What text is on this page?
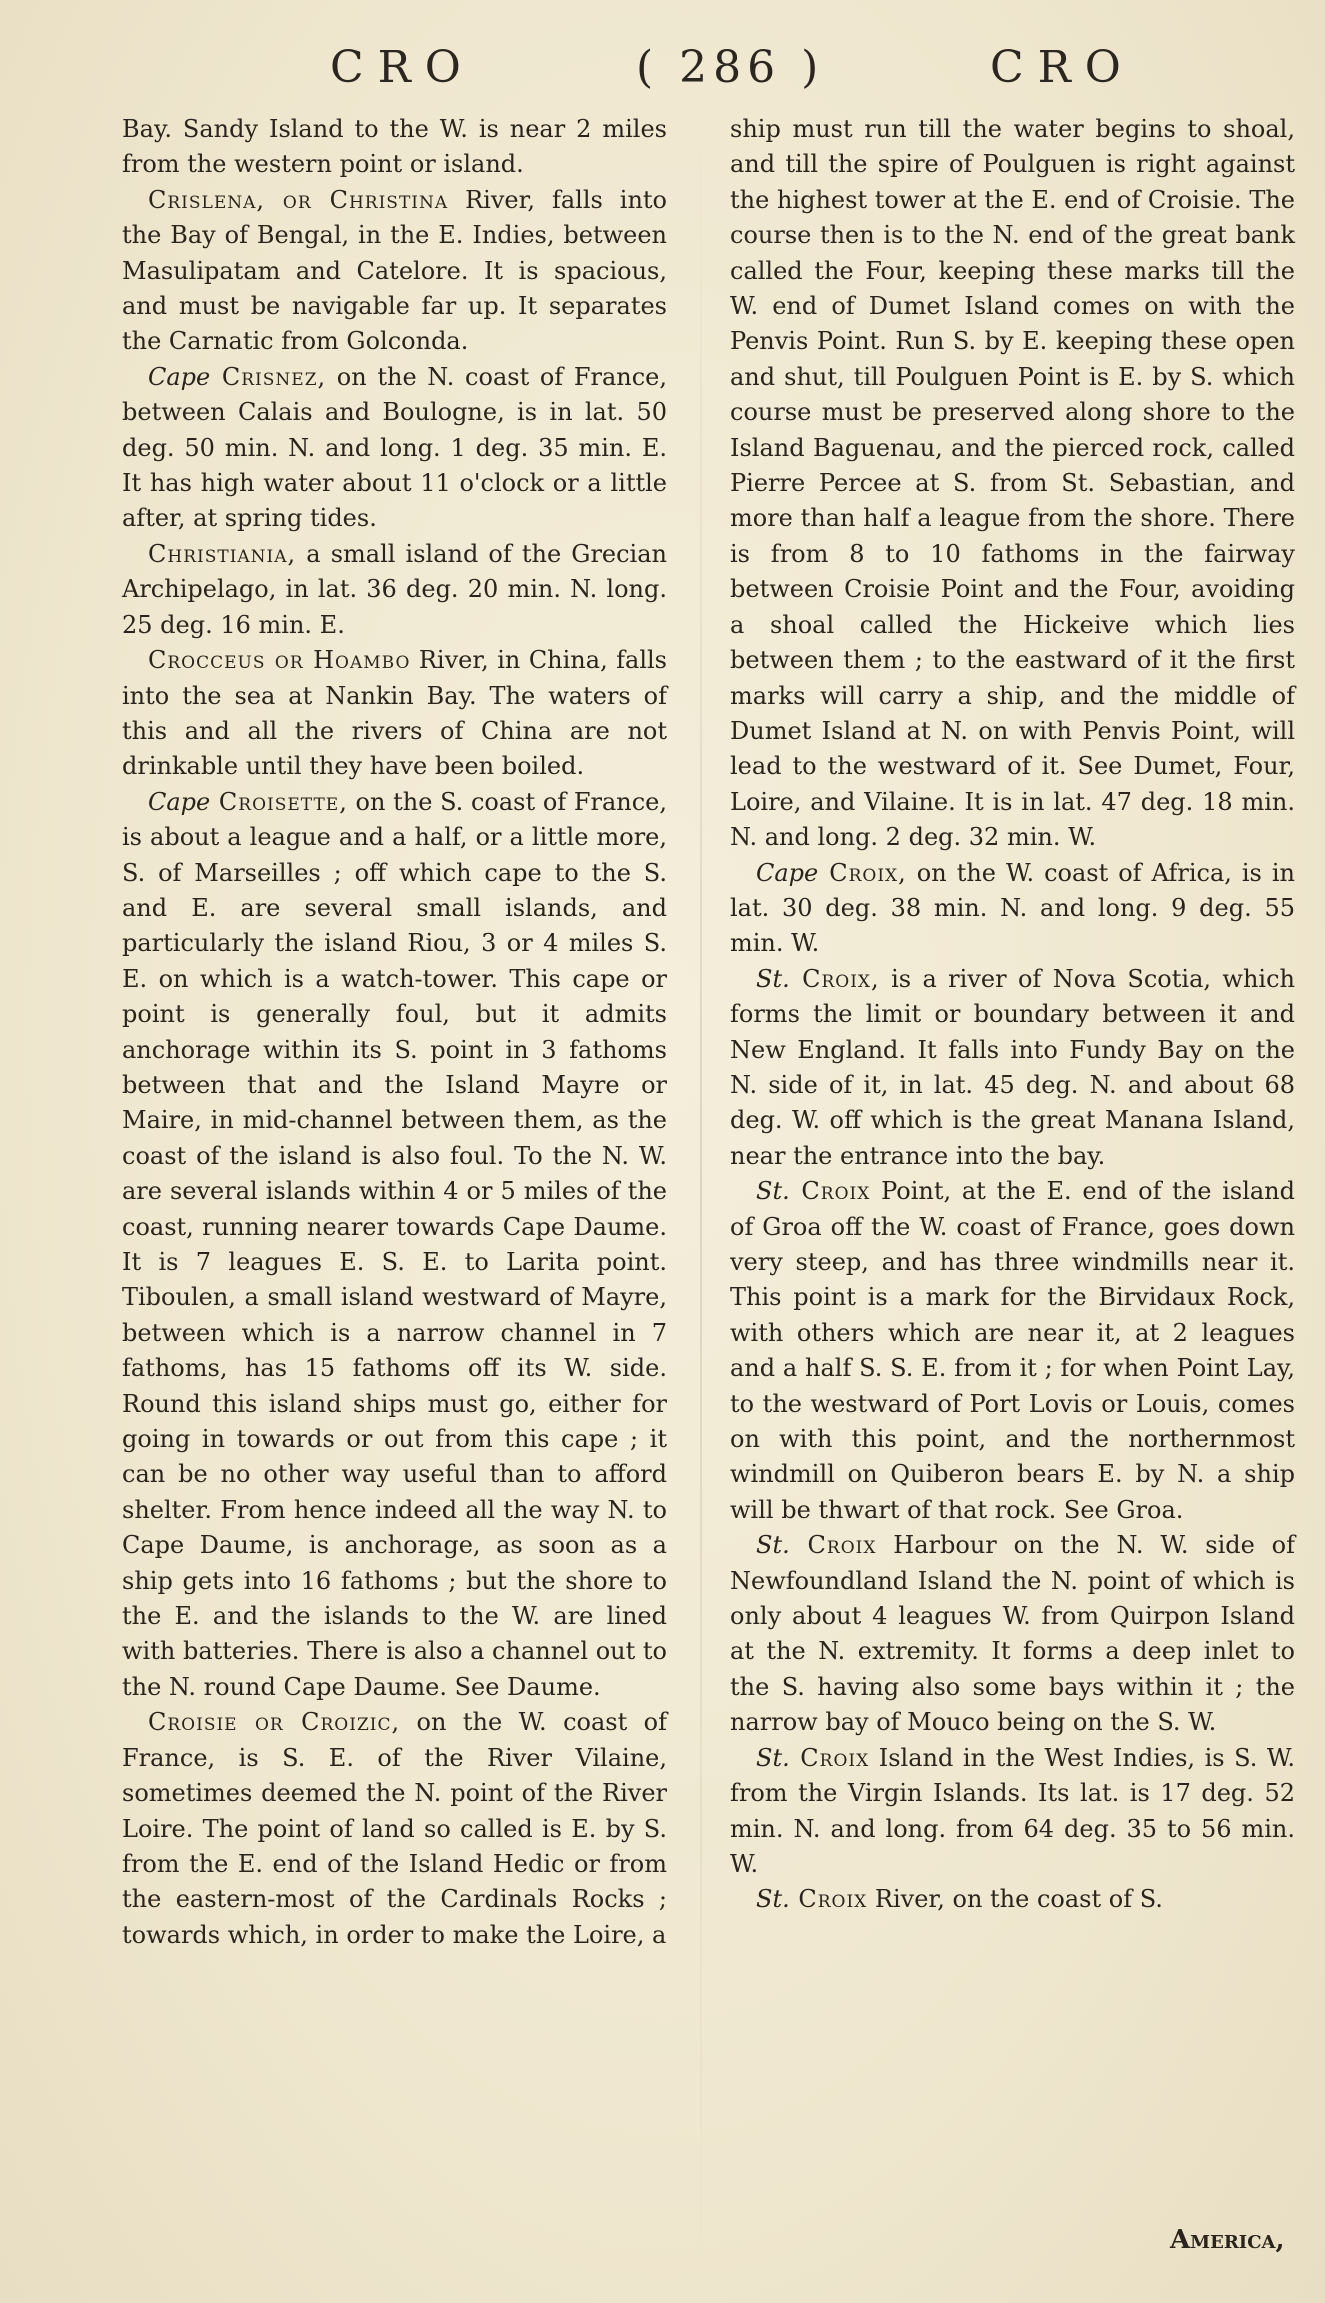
CRO	( 286 )	CRO

Bay. Sandy Island to the W. is near 2 miles from the western point or island.

Crislena, or Christina River, falls into the Bay of Bengal, in the E. Indies, between Masulipatam and Catelore. It is spacious, and must be navigable far up. It separates the Carnatic from Golconda.

Cape Crisnez, on the N. coast of France, between Calais and Boulogne, is in lat. 50 deg. 50 min. N. and long. 1 deg. 35 min. E. It has high water about 11 o'clock or a little after, at spring tides.

Christiania, a small island of the Grecian Archipelago, in lat. 36 deg. 20 min. N. long. 25 deg. 16 min. E.

Crocceus or Hoambo River, in China, falls into the sea at Nankin Bay. The waters of this and all the rivers of China are not drinkable until they have been boiled.

Cape Croisette, on the S. coast of France, is about a league and a half, or a little more, S. of Marseilles ; off which cape to the S. and E. are several small islands, and particularly the island Riou, 3 or 4 miles S. E. on which is a watch-tower. This cape or point is generally foul, but it admits anchorage within its S. point in 3 fathoms between that and the Island Mayre or Maire, in mid-channel between them, as the coast of the island is also foul. To the N. W. are several islands within 4 or 5 miles of the coast, running nearer towards Cape Daume. It is 7 leagues E. S. E. to Larita point. Tiboulen, a small island westward of Mayre, between which is a narrow channel in 7 fathoms, has 15 fathoms off its W. side. Round this island ships must go, either for going in towards or out from this cape ; it can be no other way useful than to afford shelter. From hence indeed all the way N. to Cape Daume, is anchorage, as soon as a ship gets into 16 fathoms ; but the shore to the E. and the islands to the W. are lined with batteries. There is also a channel out to the N. round Cape Daume. See Daume.

Croisie or Croizic, on the W. coast of France, is S. E. of the River Vilaine, sometimes deemed the N. point of the River Loire. The point of land so called is E. by S. from the E. end of the Island Hedic or from the eastern-most of the Cardinals Rocks ; towards which, in order to make the Loire, a

ship must run till the water begins to shoal, and till the spire of Poulguen is right against the highest tower at the E. end of Croisie. The course then is to the N. end of the great bank called the Four, keeping these marks till the W. end of Dumet Island comes on with the Penvis Point. Run S. by E. keeping these open and shut, till Poulguen Point is E. by S. which course must be preserved along shore to the Island Baguenau, and the pierced rock, called Pierre Percee at S. from St. Sebastian, and more than half a league from the shore. There is from 8 to 10 fathoms in the fairway between Croisie Point and the Four, avoiding a shoal called the Hickeive which lies between them ; to the eastward of it the first marks will carry a ship, and the middle of Dumet Island at N. on with Penvis Point, will lead to the westward of it. See Dumet, Four, Loire, and Vilaine. It is in lat. 47 deg. 18 min. N. and long. 2 deg. 32 min. W.

Cape Croix, on the W. coast of Africa, is in lat. 30 deg. 38 min. N. and long. 9 deg. 55 min. W.

St. Croix, is a river of Nova Scotia, which forms the limit or boundary between it and New England. It falls into Fundy Bay on the N. side of it, in lat. 45 deg. N. and about 68 deg. W. off which is the great Manana Island, near the entrance into the bay.

St. Croix Point, at the E. end of the island of Groa off the W. coast of France, goes down very steep, and has three windmills near it. This point is a mark for the Birvidaux Rock, with others which are near it, at 2 leagues and a half S. S. E. from it ; for when Point Lay, to the westward of Port Lovis or Louis, comes on with this point, and the northernmost windmill on Quiberon bears E. by N. a ship will be thwart of that rock. See Groa.

St. Croix Harbour on the N. W. side of Newfoundland Island the N. point of which is only about 4 leagues W. from Quirpon Island at the N. extremity. It forms a deep inlet to the S. having also some bays within it ; the narrow bay of Mouco being on the S. W.

St. Croix Island in the West Indies, is S. W. from the Virgin Islands. Its lat. is 17 deg. 52 min. N. and long. from 64 deg. 35 to 56 min. W.

St. Croix River, on the coast of S.

America,
